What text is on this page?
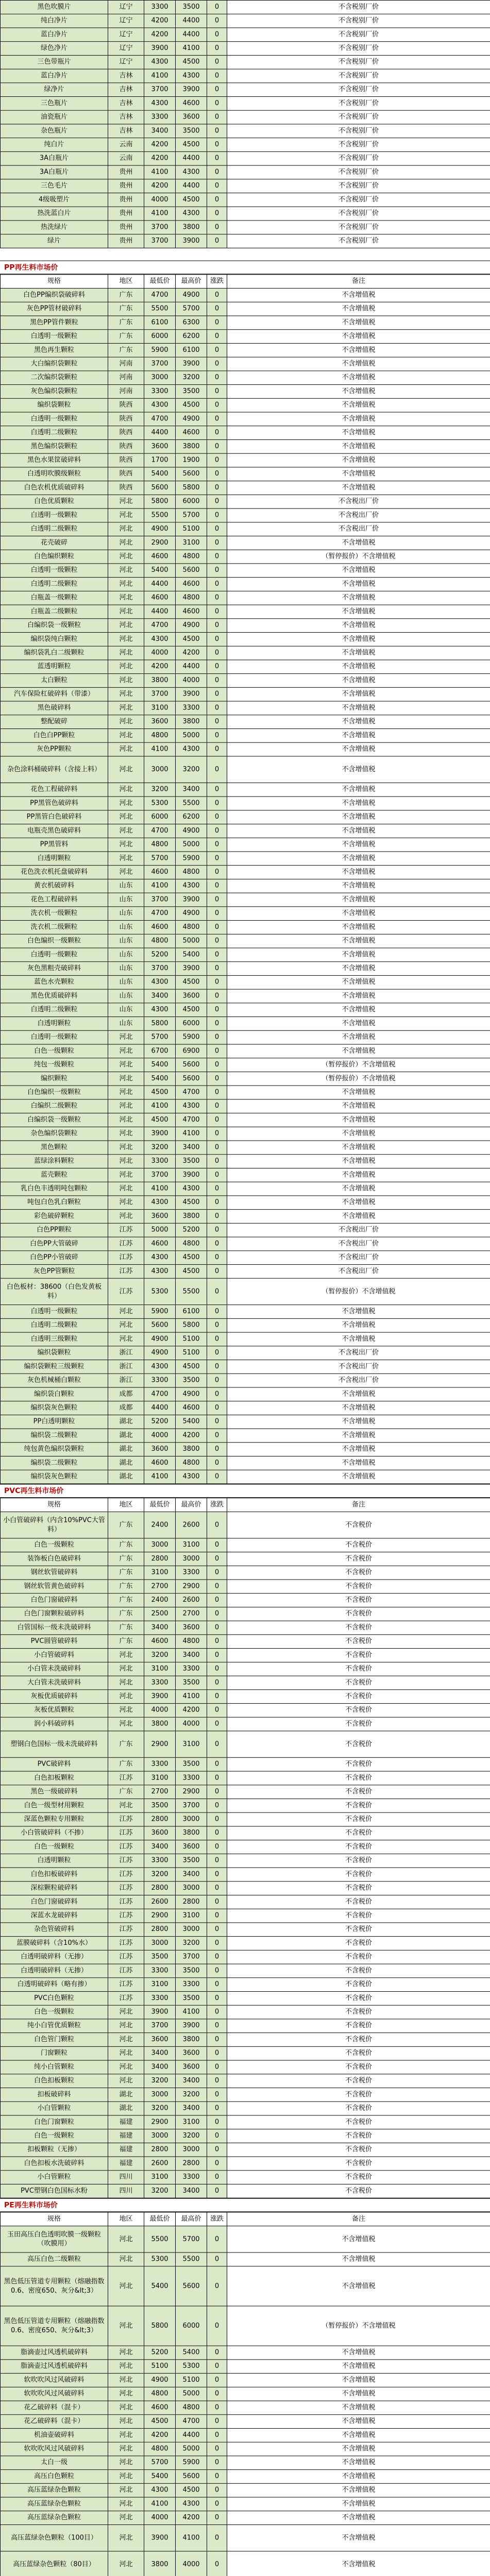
黑色吹膜片	辽宁	3300	3500	0	不含税别厂价
纯白净片	辽宁	4200	4400	0	不含税别厂价
蓝白净片	辽宁	4200	4400	0	不含税别厂价
绿色净片	辽宁	3900	4100	0	不含税别厂价
三色带瓶片	辽宁	4300	4500	0	不含税别厂价
蓝白净片	吉林	4100	4300	0	不含税别厂价
绿净片	吉林	3700	3900	0	不含税别厂价
三色瓶片	吉林	4300	4600	0	不含税别厂价
油瓷瓶片	吉林	3300	3600	0	不含税别厂价
杂色瓶片	吉林	3400	3500	0	不含税别厂价
纯白片	云南	4200	4500	0	不含税别厂价
3A白瓶片	云南	4200	4400	0	不含税别厂价
3A白瓶片	贵州	4100	4300	0	不含税别厂价
三色毛片	贵州	4200	4400	0	不含税别厂价
4级吸塑片	贵州	4000	4500	0	不含税别厂价
热洗蓝白片	贵州	4100	4300	0	不含税别厂价
热洗绿片	贵州	3700	3800	0	不含税别厂价
绿片	贵州	3700	3900	0	不含税别厂价
PP再生料市场价
规格	地区	最低价	最高价	涨跌	备注
白色PP编织袋破碎料	广东	4700	4900	0	不含增值税
灰色PP管材破碎料	广东	5500	5700	0	不含增值税
黑色PP管件颗粒	广东	6100	6300	0	不含增值税
白透明一级颗粒	广东	6000	6200	0	不含增值税
黑色再生颗粒	广东	5900	6100	0	不含增值税
大白编织袋颗粒	河南	3700	3900	0	不含增值税
二次编织袋颗粒	河南	3000	3200	0	不含增值税
灰色编织袋颗粒	河南	3300	3500	0	不含增值税
编织袋颗粒	陕西	4300	4500	0	不含增值税
白透明一级颗粒	陕西	4700	4900	0	不含增值税
白透明二级颗粒	陕西	4400	4600	0	不含增值税
黑色编织袋颗粒	陕西	3600	3800	0	不含增值税
黑色水果筐破碎料	陕西	1700	1900	0	不含增值税
白透明吹膜级颗粒	陕西	5400	5600	0	不含增值税
白色农机优质破碎料	陕西	5600	5800	0	不含增值税
白色优质颗粒	河北	5800	6000	0	不含税出厂价
白透明一级颗粒	河北	5500	5700	0	不含税出厂价
白透明二级颗粒	河北	4900	5100	0	不含税出厂价
花壳破碎	河北	2900	3100	0	不含增值税
白色编织颗粒	河北	4600	4800	0	（暂停报价）不含增值税
白透明一级颗粒	河北	5400	5600	0	不含增值税
白透明二级颗粒	河北	4400	4600	0	不含增值税
白瓶盖一级颗粒	河北	4600	4800	0	不含增值税
白瓶盖二级颗粒	河北	4400	4600	0	不含增值税
白编织袋一级颗粒	河北	4700	4900	0	不含增值税
编织袋纯白颗粒	河北	4300	4500	0	不含增值税
编织袋乳白二级颗粒	河北	4000	4200	0	不含增值税
蓝透明颗粒	河北	4200	4400	0	不含增值税
太白颗粒	河北	3800	4000	0	不含增值税
汽车保险杠破碎料（带漆）	河北	3700	3900	0	不含增值税
黑色破碎料	河北	3100	3300	0	不含增值税
整配破碎	河北	3600	3800	0	不含增值税
白色白PP颗粒	河北	4800	5000	0	不含增值税
灰色PP颗粒	河北	4100	4300	0	不含增值税
杂色涂料桶破碎料（含接上料）	河北	3000	3200	0	不含增值税
花色工程破碎料	河北	3200	3400	0	不含增值税
PP黑管色破碎料	河北	5300	5500	0	不含增值税
PP黑管白色破碎料	河北	6000	6200	0	不含增值税
电瓶壳黑色破碎料	河北	4700	4900	0	不含增值税
PP黑管料	河北	4800	5000	0	不含增值税
白透明颗粒	河北	5700	5900	0	不含增值税
花色洗衣机托盘破碎料	河北	4600	4800	0	不含增值税
黄衣机破碎料	山东	4100	4300	0	不含增值税
花色工程破碎料	山东	3700	3900	0	不含增值税
洗衣机一级颗粒	山东	4700	4900	0	不含增值税
洗衣机二级颗粒	山东	4600	4800	0	不含增值税
白色编织一级颗粒	山东	4800	5000	0	不含增值税
白透明一级颗粒	山东	5200	5400	0	不含增值税
灰色黑粗壳破碎料	山东	3700	3900	0	不含增值税
蓝色水壳颗粒	山东	4300	4500	0	不含增值税
黑色优质破碎料	山东	3400	3600	0	不含增值税
白透明二级颗粒	山东	4300	4500	0	不含增值税
白透明颗粒	山东	5800	6000	0	不含增值税
白透明一级颗粒	河北	5700	5900	0	不含增值税
白色一级颗粒	河北	6700	6900	0	不含增值税
纯包一级颗粒	河北	5400	5600	0	（暂停报价）不含增值税
编织颗粒	河北	5400	5600	0	（暂停报价）不含增值税
白色编织一级颗粒	河北	4500	4700	0	不含增值税
白编织二级颗粒	河北	4100	4300	0	不含增值税
白编织袋一级颗粒	河北	4500	4700	0	不含增值税
杂色编织袋颗粒	河北	3900	4100	0	不含增值税
黑色颗粒	河北	3200	3400	0	不含增值税
蓝绿涂料颗粒	河北	3300	3500	0	不含增值税
蓝壳颗粒	河北	3700	3900	0	不含增值税
乳白色丰透明吨包颗粒	河北	4100	4300	0	不含增值税
吨包白色乳白颗粒	河北	4300	4500	0	不含增值税
彩色破碎颗粒	河北	3600	3800	0	不含增值税
白色PP颗粒	江苏	5000	5200	0	不含税出厂价
白色PP大管破碎	江苏	4600	4800	0	不含税出厂价
白色PP小管破碎	江苏	4300	4500	0	不含税出厂价
灰色PP管颗粒	江苏	4300	4500	0	不含税出厂价
白色板材：38600（白色发黄板料）	江苏	5300	5500	0	（暂停报价）不含增值税
白透明一级颗粒	河北	5900	6100	0	不含增值税
白透明二级颗粒	河北	5600	5800	0	不含增值税
白透明三级颗粒	河北	4900	5100	0	不含增值税
编织袋颗粒	浙江	4900	5100	0	不含税出厂价
编织袋颗粒三级颗粒	浙江	4300	4500	0	不含税出厂价
灰色机械桶白颗粒	浙江	3300	3500	0	不含税出厂价
编织袋白颗粒	成都	4700	4900	0	不含增值税
编织袋灰色颗粒	成都	4400	4600	0	不含增值税
PP白透明颗粒	湖北	5200	5400	0	不含增值税
编织袋二级颗粒	湖北	4000	4200	0	不含增值税
纯包黄色编织袋颗粒	湖北	3600	3800	0	不含增值税
编织袋二级颗粒	湖北	4600	4800	0	不含增值税
编织袋灰色颗粒	湖北	4100	4300	0	不含增值税
PVC再生料市场价
规格	地区	最低价	最高价	涨跌	备注
小白管破碎料（内含10%PVC大管料）	广东	2400	2600	0	不含税价
白色一级颗粒	广东	3000	3100	0	不含税价
装饰板白色破碎料	广东	2800	3000	0	不含税价
钢丝软管破碎料	广东	3100	3300	0	不含税价
钢丝软管黄色破碎料	广东	2700	2900	0	不含税价
白色门窗破碎料	广东	2400	2600	0	不含税价
白色门窗颗粒破碎料	广东	2500	2700	0	不含税价
白管国标一级未洗破碎料	广东	3400	3600	0	不含税价
PVC圆管破碎料	广东	4600	4800	0	不含税价
小白管破碎料	河北	3200	3400	0	不含税价
小白管未洗破碎料	河北	3100	3300	0	不含税价
大白管未洗破碎料	河北	3300	3500	0	不含税价
灰板优质破碎料	河北	3900	4100	0	不含税价
灰板优质颗粒	河北	4000	4200	0	不含税价
润小料破碎料	河北	3800	4000	0	不含税价
塑钢白色国标一级未洗破碎料	广东	2900	3100	0	不含税价
PVC破碎料	广东	3300	3500	0	不含税价
白色扣板颗粒	江苏	3100	3300	0	不含税价
黑色一级破碎料	广东	2700	2900	0	不含税价
白色一级型材用颗粒	河北	3500	3700	0	不含税价
深蓝色颗粒专用颗粒	江苏	2800	3000	0	不含税价
小白管破碎料（不掺）	江苏	3600	3800	0	不含税价
白色一级颗粒	江苏	3400	3600	0	不含税价
白透明颗粒	江苏	3300	3500	0	不含税价
白色扣板破碎料	江苏	3200	3400	0	不含税价
深棕颗粒破碎料	江苏	2800	3000	0	不含税价
白色门窗破碎料	江苏	2600	2800	0	不含税价
深蓝水龙破碎料	江苏	2900	3100	0	不含税价
杂色管破碎料	江苏	2800	3000	0	不含税价
蓝膜破碎料（含10%水）	江苏	3000	3200	0	不含税价
白透明破碎料（无掺）	江苏	3500	3700	0	不含税价
白透明破碎料（无掺）	江苏	3300	3500	0	不含税价
白透明破碎料（略有掺）	江苏	3100	3300	0	不含税价
PVC白色颗粒	江苏	3300	3500	0	不含税价
白色一级颗粒	河北	3900	4100	0	不含税价
纯小白管优质颗粒	河北	3700	3900	0	不含税价
白色管门颗粒	河北	3600	3800	0	不含税价
门窗颗粒	河北	3400	3600	0	不含税价
纯小白管颗粒	河北	3400	3600	0	不含税价
白色扣板颗粒	河北	3200	3400	0	不含税价
扣板破碎料	湖北	3000	3200	0	不含税价
小白管颗粒	湖北	3200	3400	0	不含税价
白色门窗颗粒	福建	2900	3100	0	不含税价
白色一级颗粒	福建	3000	3200	0	不含税价
扣板颗粒（无掺）	福建	2800	3000	0	不含税价
白色扣板水洗破碎料	福建	2600	2800	0	不含税价
小白管颗粒	四川	3100	3300	0	不含税价
PVC塑钢白色国标水粉	四川	3200	3400	0	不含税价
PE再生料市场价
规格	地区	最低价	最高价	涨跌	备注
玉田高压白色透明吹膜一级颗粒（吹膜用）	河北	5500	5700	0	不含增值税
高压白色二级颗粒	河北	5300	5500	0	不含增值税
黑色低压管道专用颗粒（熔融指数0.6、密度650、灰分&lt;3）	河北	5400	5600	0	不含增值税
黑色低压管道专用颗粒（熔融指数0.6、密度650、灰分&lt;3）	河北	5800	6000	0	（暂停报价）不含增值税
脂滴壶过风透机破碎料	河北	5200	5400	0	不含增值税
脂滴壶过风透机破碎料	河北	5100	5300	0	不含增值税
软吹吹风过风破碎料	河北	4900	5100	0	不含增值税
软吹吹风过风破碎料	河北	4800	5000	0	不含增值税
花乙破碎料（混卡）	河北	4600	4800	0	不含增值税
花乙破碎料（混卡）	河北	4500	4700	0	不含增值税
机油壶破碎料	河北	4200	4400	0	不含增值税
软吹吹风过风破碎料	河北	4800	5000	0	不含增值税
太白一级	河北	5700	5900	0	不含增值税
高压白色颗粒	河北	5400	5600	0	不含增值税
高压蓝绿杂色颗粒	河北	4300	4500	0	不含增值税
高压蓝绿杂色颗粒	河北	4100	4300	0	不含增值税
高压蓝绿杂色颗粒	河北	4000	4200	0	不含增值税
高压蓝绿杂色颗粒（100目）	河北	3900	4100	0	不含增值税
高压蓝绿杂色颗粒（80目）	河北	3800	4000	0	不含增值税
